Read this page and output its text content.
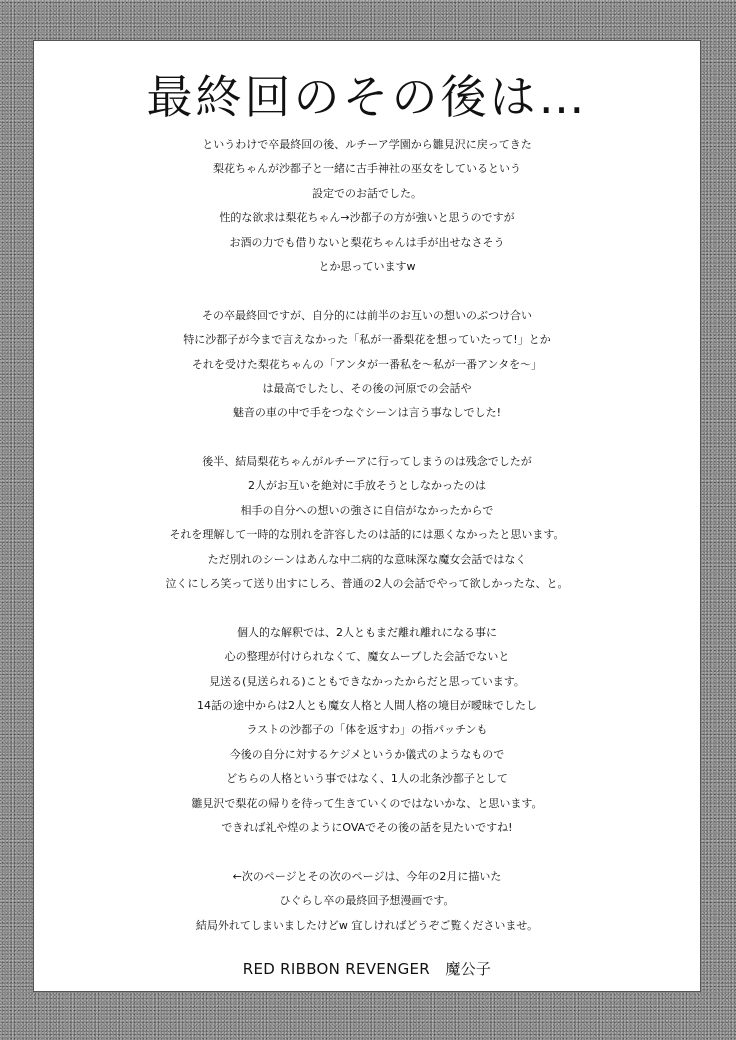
最終回のその後は…
というわけで卒最終回の後、ルチーア学園から雛見沢に戻ってきた
梨花ちゃんが沙都子と一緒に古手神社の巫女をしているという
設定でのお話でした。
性的な欲求は梨花ちゃん→沙都子の方が強いと思うのですが
お酒の力でも借りないと梨花ちゃんは手が出せなさそう
とか思っていますw
その卒最終回ですが、自分的には前半のお互いの想いのぶつけ合い
特に沙都子が今まで言えなかった「私が一番梨花を想っていたって!」とか
それを受けた梨花ちゃんの「アンタが一番私を～私が一番アンタを～」
は最高でしたし、その後の河原での会話や
魅音の車の中で手をつなぐシーンは言う事なしでした!
後半、結局梨花ちゃんがルチーアに行ってしまうのは残念でしたが
2人がお互いを絶対に手放そうとしなかったのは
相手の自分への想いの強さに自信がなかったからで
それを理解して一時的な別れを許容したのは話的には悪くなかったと思います。
ただ別れのシーンはあんな中二病的な意味深な魔女会話ではなく
泣くにしろ笑って送り出すにしろ、普通の2人の会話でやって欲しかったな、と。
個人的な解釈では、2人ともまだ離れ離れになる事に
心の整理が付けられなくて、魔女ムーブした会話でないと
見送る(見送られる)こともできなかったからだと思っています。
14話の途中からは2人とも魔女人格と人間人格の境目が曖昧でしたし
ラストの沙都子の「体を返すわ」の指パッチンも
今後の自分に対するケジメというか儀式のようなもので
どちらの人格という事ではなく、1人の北条沙都子として
雛見沢で梨花の帰りを待って生きていくのではないかな、と思います。
できれば礼や煌のようにOVAでその後の話を見たいですね!
←次のページとその次のページは、今年の2月に描いた
ひぐらし卒の最終回予想漫画です。
結局外れてしまいましたけどw 宜しければどうぞご覧くださいませ。
RED RIBBON REVENGER　魔公子
